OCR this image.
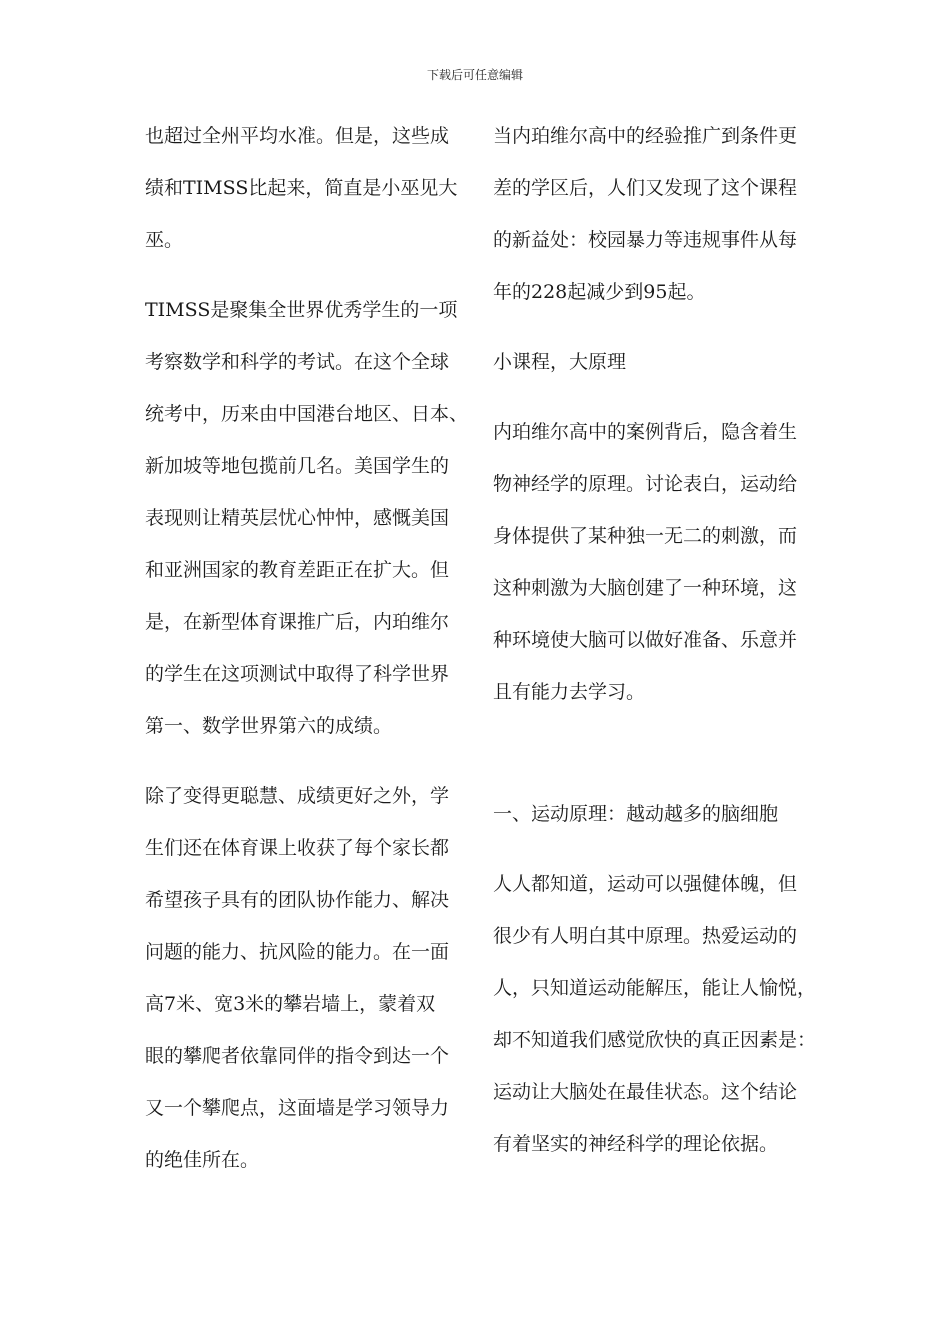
下载后可任意编辑
也超过全州平均水准。但是，这些成
绩和TIMSS比起来，简直是小巫见大
巫。
TIMSS是聚集全世界优秀学生的一项
考察数学和科学的考试。在这个全球
统考中，历来由中国港台地区、日本、
新加坡等地包揽前几名。美国学生的
表现则让精英层忧心忡忡，感慨美国
和亚洲国家的教育差距正在扩大。但
是，在新型体育课推广后，内珀维尔
的学生在这项测试中取得了科学世界
第一、数学世界第六的成绩。
除了变得更聪慧、成绩更好之外，学
生们还在体育课上收获了每个家长都
希望孩子具有的团队协作能力、解决
问题的能力、抗风险的能力。在一面
高7米、宽3米的攀岩墙上，蒙着双
眼的攀爬者依靠同伴的指令到达一个
又一个攀爬点，这面墙是学习领导力
的绝佳所在。
当内珀维尔高中的经验推广到条件更
差的学区后，人们又发现了这个课程
的新益处：校园暴力等违规事件从每
年的228起减少到95起。
小课程，大原理
内珀维尔高中的案例背后，隐含着生
物神经学的原理。讨论表白，运动给
身体提供了某种独一无二的刺激，而
这种刺激为大脑创建了一种环境，这
种环境使大脑可以做好准备、乐意并
且有能力去学习。
一、运动原理：越动越多的脑细胞
人人都知道，运动可以强健体魄，但
很少有人明白其中原理。热爱运动的
人，只知道运动能解压，能让人愉悦，
却不知道我们感觉欣快的真正因素是：
运动让大脑处在最佳状态。这个结论
有着坚实的神经科学的理论依据。
